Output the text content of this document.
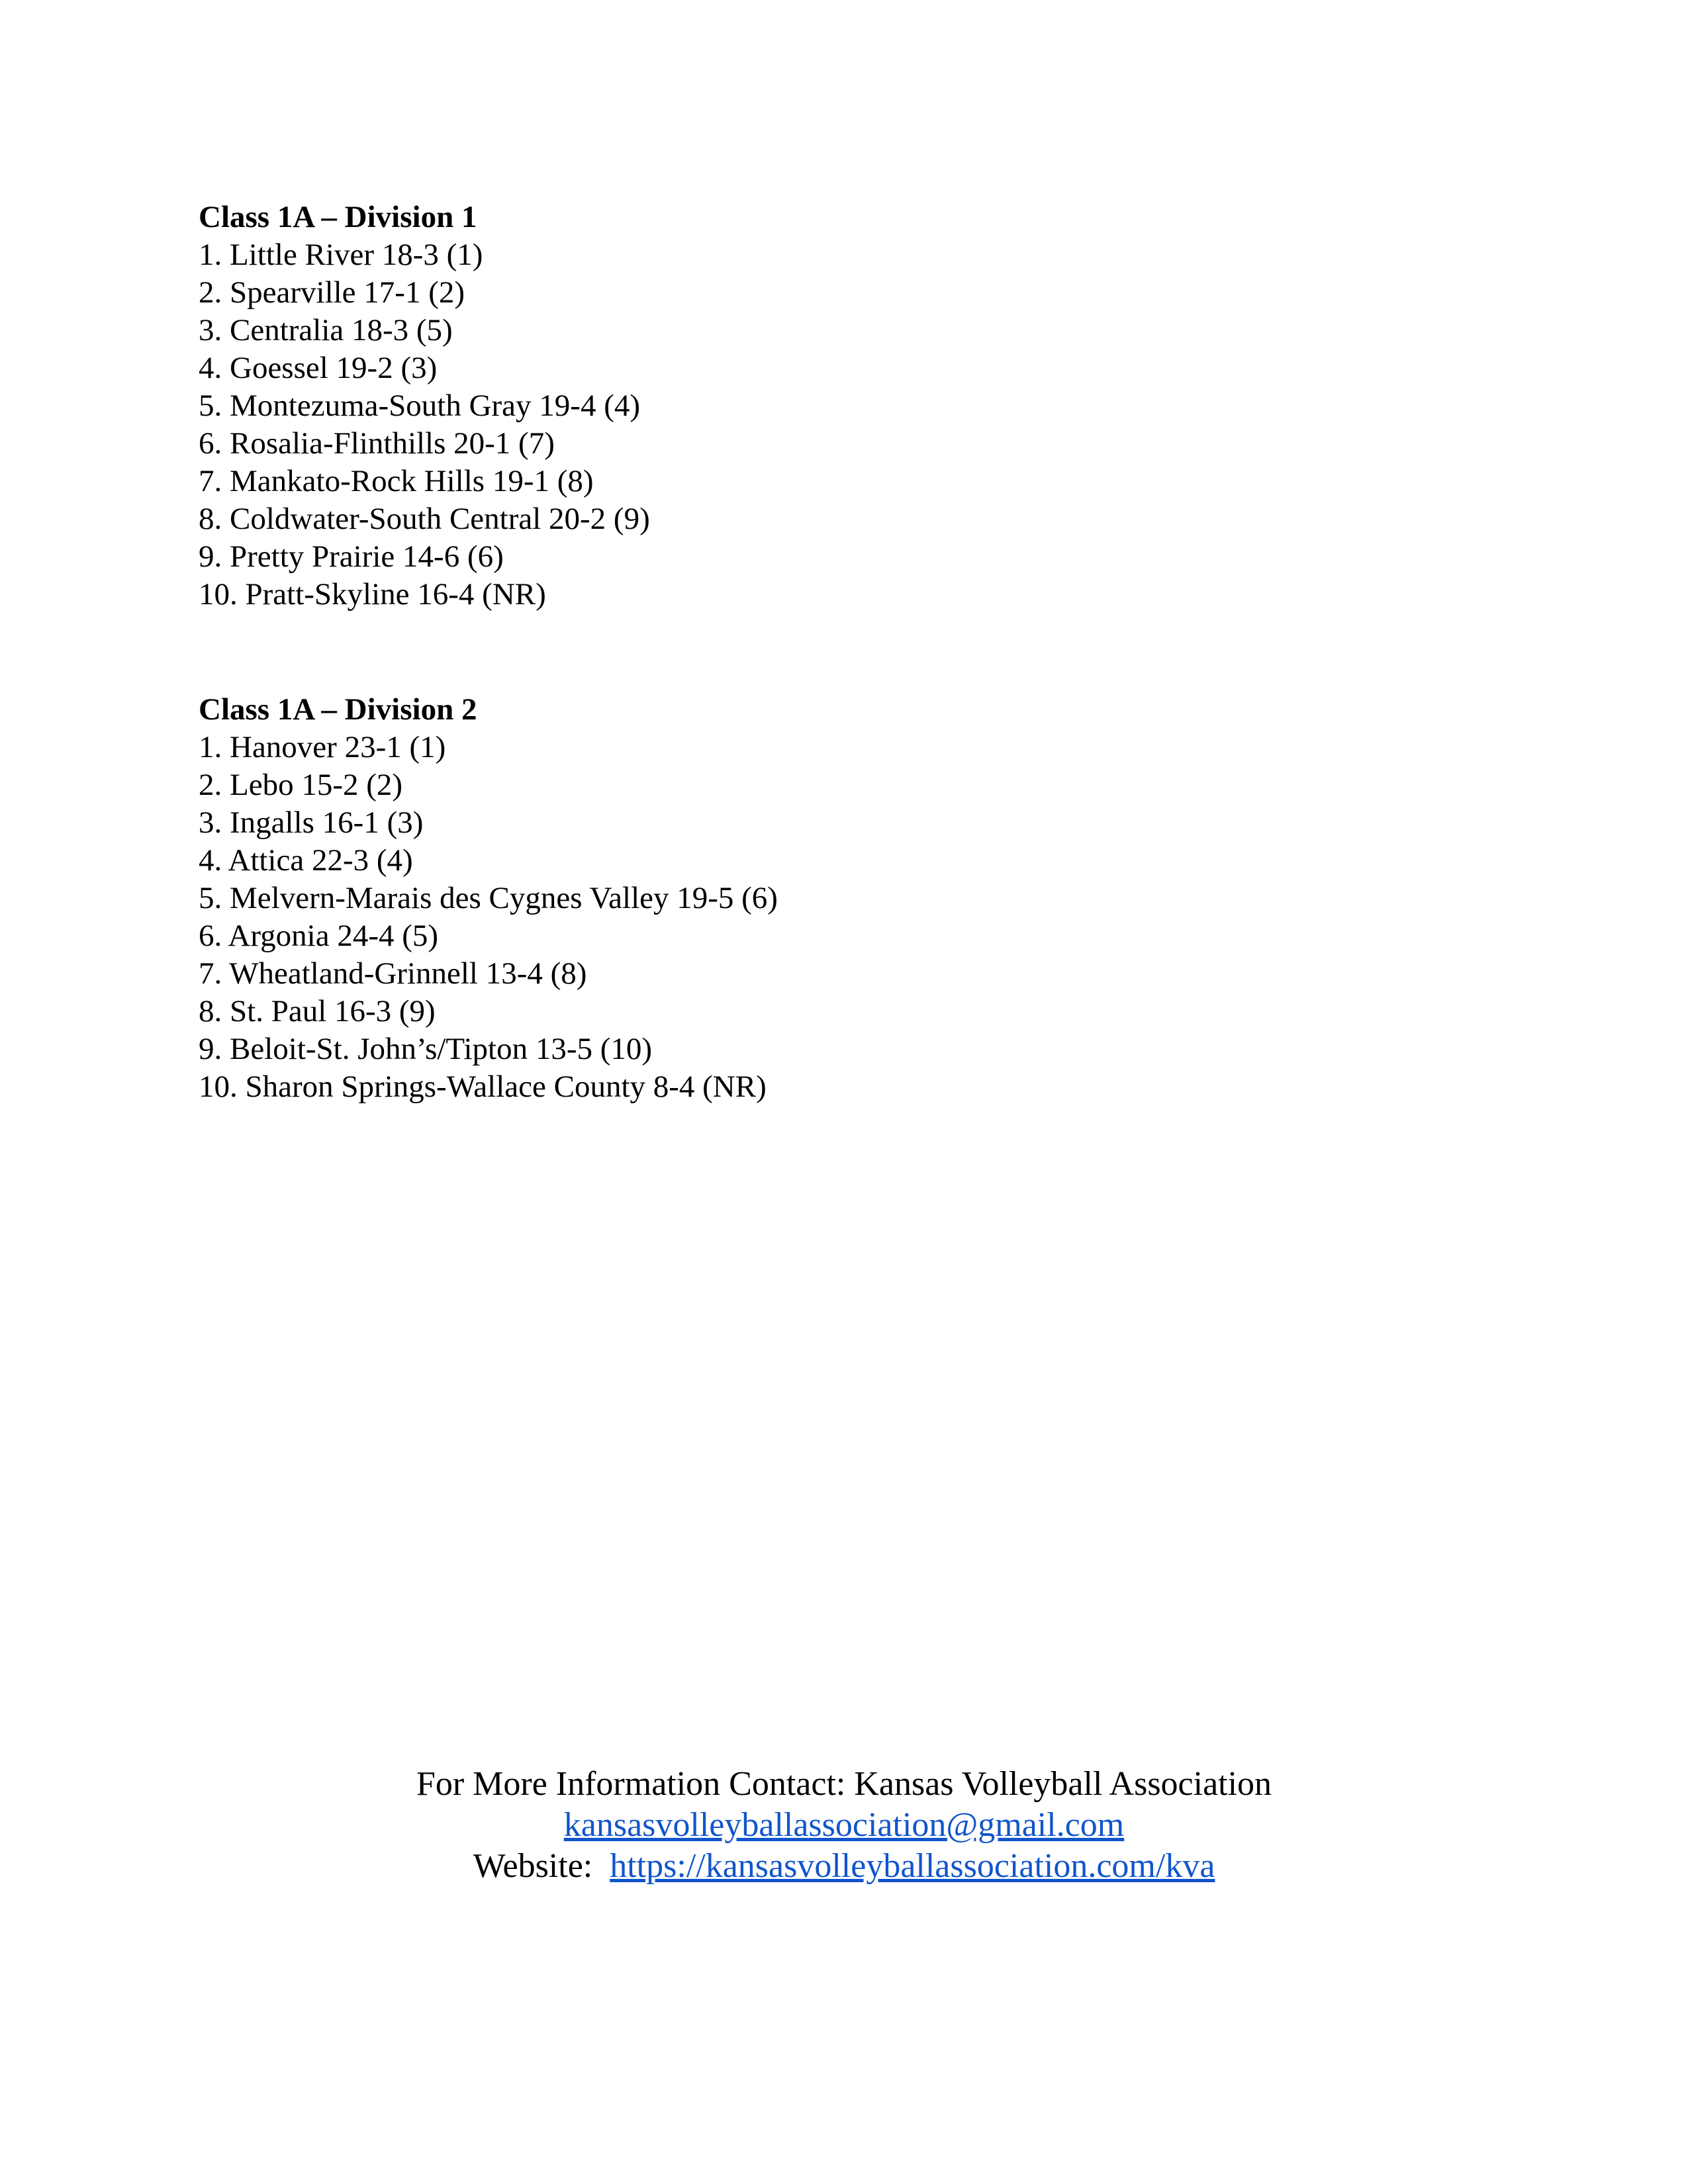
Class 1A – Division 1
1. Little River 18-3 (1)
2. Spearville 17-1 (2)
3. Centralia 18-3 (5)
4. Goessel 19-2 (3)
5. Montezuma-South Gray 19-4 (4)
6. Rosalia-Flinthills 20-1 (7)
7. Mankato-Rock Hills 19-1 (8)
8. Coldwater-South Central 20-2 (9)
9. Pretty Prairie 14-6 (6)
10. Pratt-Skyline 16-4 (NR)
Class 1A – Division 2
1. Hanover 23-1 (1)
2. Lebo 15-2 (2)
3. Ingalls 16-1 (3)
4. Attica 22-3 (4)
5. Melvern-Marais des Cygnes Valley 19-5 (6)
6. Argonia 24-4 (5)
7. Wheatland-Grinnell 13-4 (8)
8. St. Paul 16-3 (9)
9. Beloit-St. John’s/Tipton 13-5 (10)
10. Sharon Springs-Wallace County 8-4 (NR)
For More Information Contact: Kansas Volleyball Association
kansasvolleyballassociation@gmail.com
Website: https://kansasvolleyballassociation.com/kva
